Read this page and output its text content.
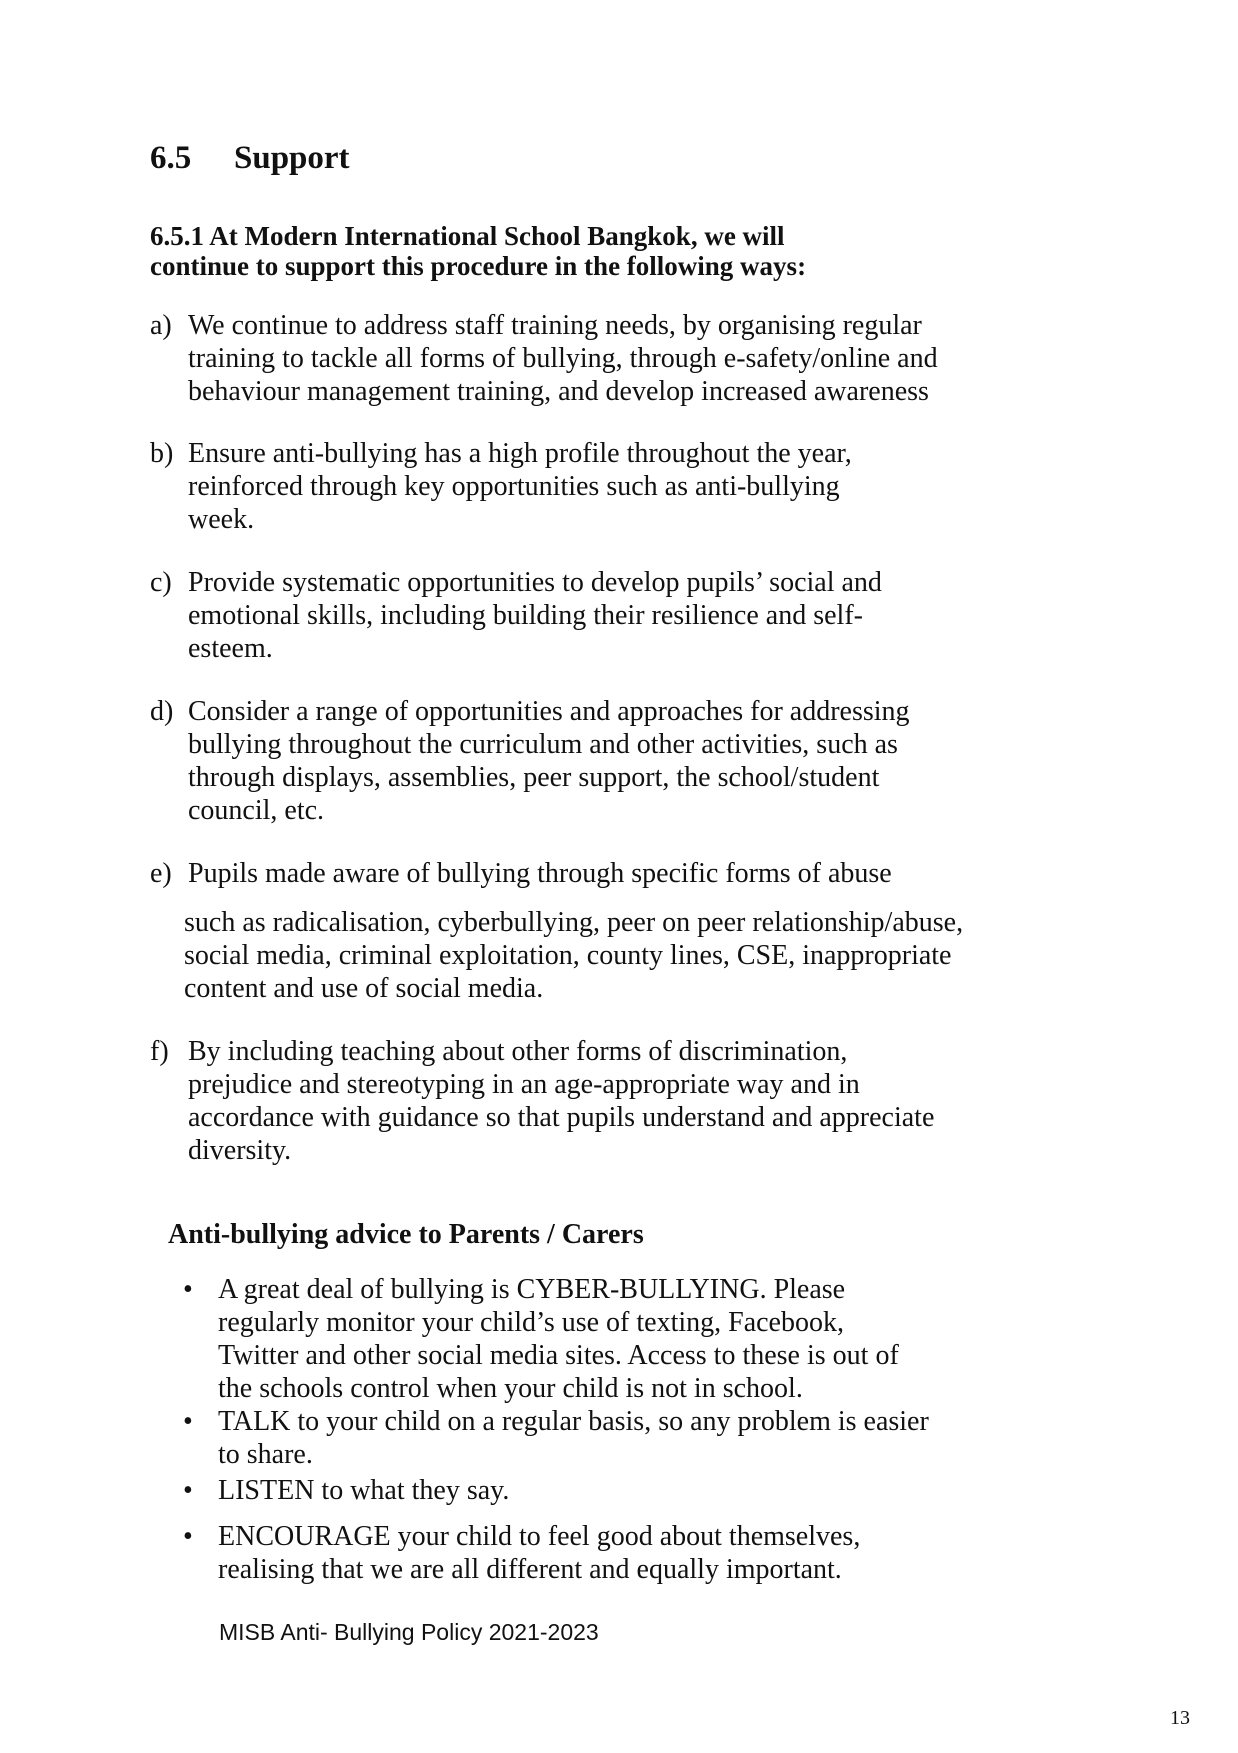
6.5 Support
6.5.1 At Modern International School Bangkok, we will
continue to support this procedure in the following ways:
a) We continue to address staff training needs, by organising regular
training to tackle all forms of bullying, through e-safety/online and
behaviour management training, and develop increased awareness
b) Ensure anti-bullying has a high profile throughout the year,
reinforced through key opportunities such as anti-bullying
week.
c) Provide systematic opportunities to develop pupils’ social and
emotional skills, including building their resilience and self-
esteem.
d) Consider a range of opportunities and approaches for addressing
bullying throughout the curriculum and other activities, such as
through displays, assemblies, peer support, the school/student
council, etc.
e) Pupils made aware of bullying through specific forms of abuse
such as radicalisation, cyberbullying, peer on peer relationship/abuse,
social media, criminal exploitation, county lines, CSE, inappropriate
content and use of social media.
f) By including teaching about other forms of discrimination,
prejudice and stereotyping in an age-appropriate way and in
accordance with guidance so that pupils understand and appreciate
diversity.
Anti-bullying advice to Parents / Carers
• A great deal of bullying is CYBER-BULLYING. Please
regularly monitor your child’s use of texting, Facebook,
Twitter and other social media sites. Access to these is out of
the schools control when your child is not in school.
• TALK to your child on a regular basis, so any problem is easier
to share.
• LISTEN to what they say.
• ENCOURAGE your child to feel good about themselves,
realising that we are all different and equally important.
MISB Anti- Bullying Policy 2021-2023
13
